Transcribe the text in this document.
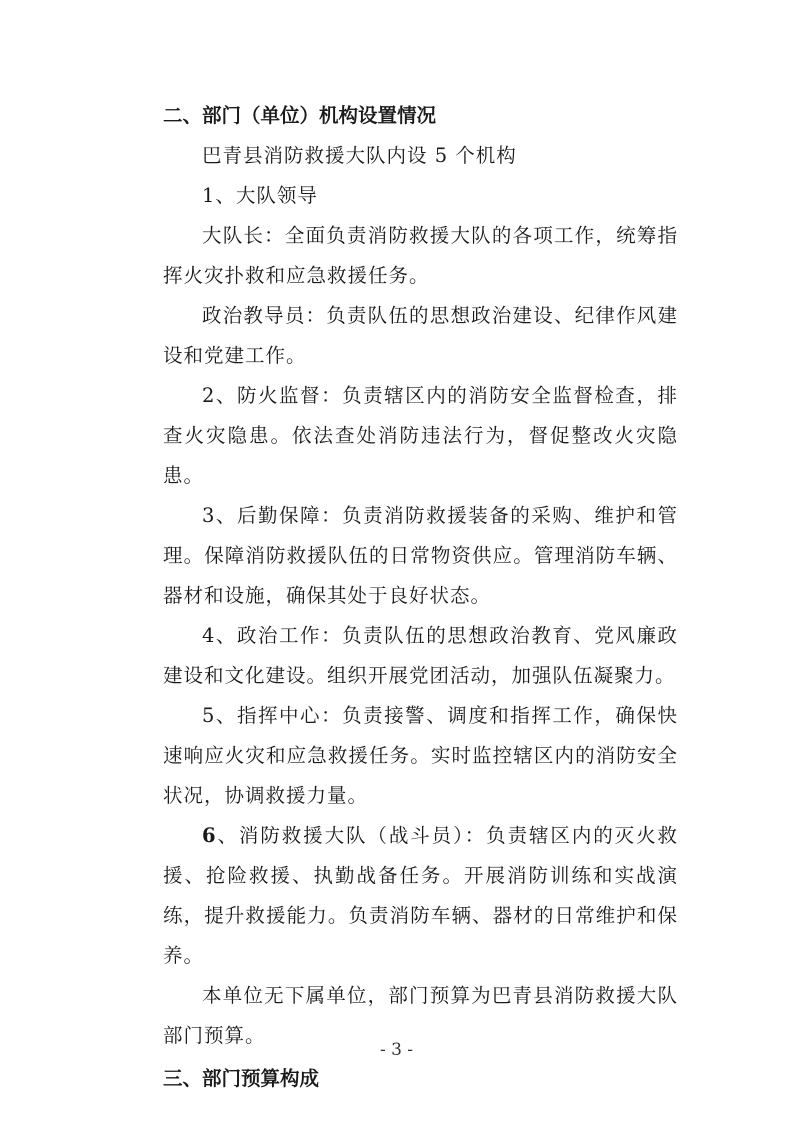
二、部门（单位）机构设置情况

巴青县消防救援大队内设 5 个机构

1、大队领导

大队长：全面负责消防救援大队的各项工作，统筹指挥火灾扑救和应急救援任务。

政治教导员：负责队伍的思想政治建设、纪律作风建设和党建工作。

2、防火监督：负责辖区内的消防安全监督检查，排查火灾隐患。依法查处消防违法行为，督促整改火灾隐患。

3、后勤保障：负责消防救援装备的采购、维护和管理。保障消防救援队伍的日常物资供应。管理消防车辆、器材和设施，确保其处于良好状态。

4、政治工作：负责队伍的思想政治教育、党风廉政建设和文化建设。组织开展党团活动，加强队伍凝聚力。

5、指挥中心：负责接警、调度和指挥工作，确保快速响应火灾和应急救援任务。实时监控辖区内的消防安全状况，协调救援力量。

6、消防救援大队（战斗员）：负责辖区内的灭火救援、抢险救援、执勤战备任务。开展消防训练和实战演练，提升救援能力。负责消防车辆、器材的日常维护和保养。

本单位无下属单位，部门预算为巴青县消防救援大队部门预算。

三、部门预算构成
- 3 -
